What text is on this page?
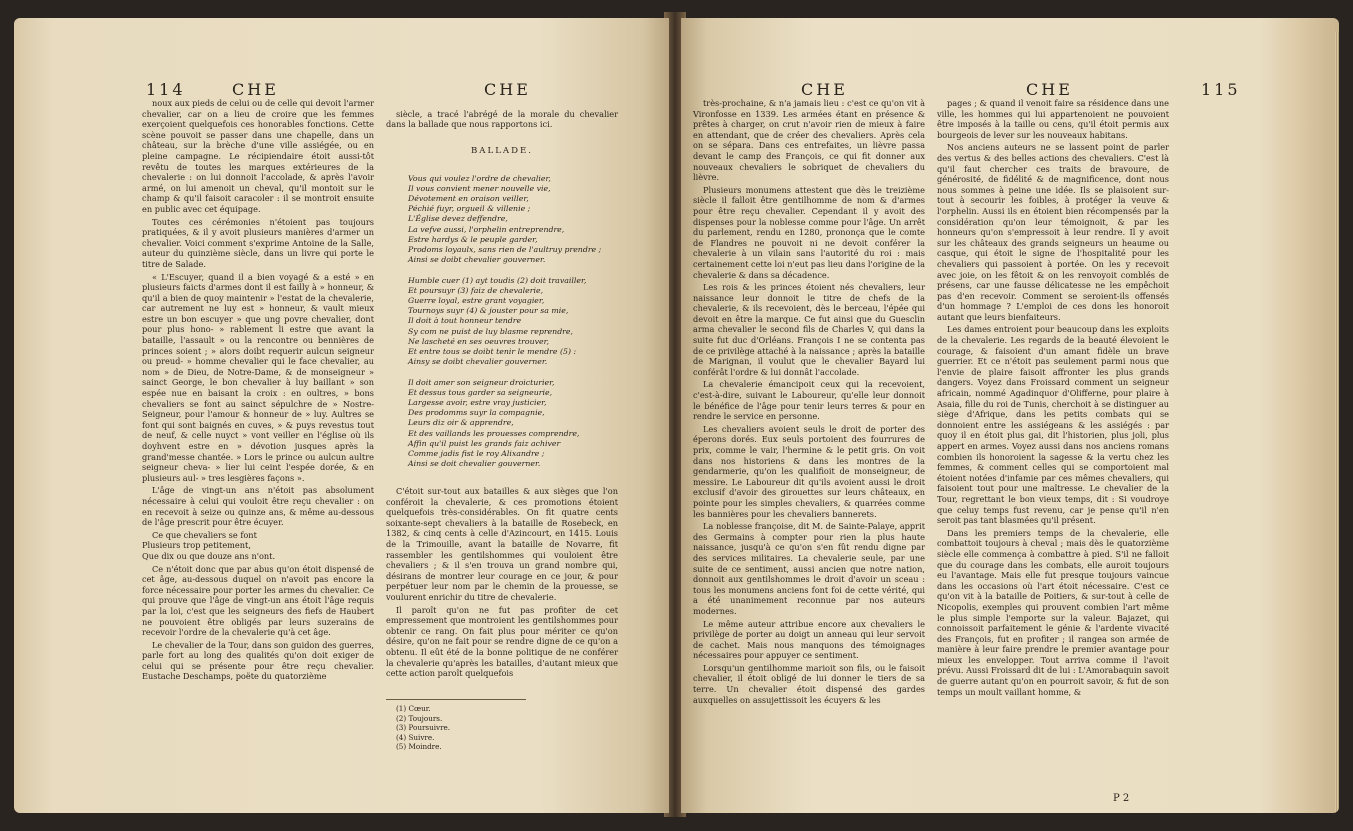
114	CHE	CHE

noux aux pieds de celui ou de celle qui devoit l'armer chevalier, car on a lieu de croire que les femmes exerçoient quelquefois ces honorables fonctions. Cette scène pouvoit se passer dans une chapelle, dans un château, sur la brèche d'une ville assiégée, ou en pleine campagne. Le récipiendaire étoit aussi-tôt revêtu de toutes les marques extérieures de la chevalerie : on lui donnoit l'accolade, & après l'avoir armé, on lui amenoit un cheval, qu'il montoit sur le champ & qu'il faisoit caracoler : il se montroit ensuite en public avec cet équipage.

Toutes ces cérémonies n'étoient pas toujours pratiquées, & il y avoit plusieurs manières d'armer un chevalier. Voici comment s'exprime Antoine de la Salle, auteur du quinzième siècle, dans un livre qui porte le titre de Salade.

« L'Escuyer, quand il a bien voyagé & a esté » en plusieurs faicts d'armes dont il est failly à » honneur, & qu'il a bien de quoy maintenir » l'estat de la chevalerie, car autrement ne luy est » honneur, & vault mieux estre un bon escuyer » que ung povre chevalier, dont pour plus hono- » rablement li estre que avant la bataille, l'assault » ou la rencontre ou bennières de princes soient ; » alors doibt requerir aulcun seigneur ou preud- » homme chevalier qui le face chevalier, au nom » de Dieu, de Notre-Dame, & de monseigneur » sainct George, le bon chevalier à luy baillant » son espée nue en baisant la croix : en oultres, » bons chevaliers se font au sainct sépulchre de » Nostre-Seigneur, pour l'amour & honneur de » luy. Aultres se font qui sont baignés en cuves, » & puys revestus tout de neuf, & celle nuyct » vont veiller en l'église où ils doyhvent estre en » dévotion jusques après la grand'messe chantée. » Lors le prince ou aulcun aultre seigneur cheva- » lier lui ceint l'espée dorée, & en plusieurs aul- » tres lesgières façons ».

L'âge de vingt-un ans n'étoit pas absolument nécessaire à celui qui vouloit être reçu chevalier : on en recevoit à seize ou quinze ans, & même au-dessous de l'âge prescrit pour être écuyer.

Ce que chevaliers se font
Plusieurs trop petitement,
Que dix ou que douze ans n'ont.

Ce n'étoit donc que par abus qu'on étoit dispensé de cet âge, au-dessous duquel on n'avoit pas encore la force nécessaire pour porter les armes du chevalier. Ce qui prouve que l'âge de vingt-un ans étoit l'âge requis par la loi, c'est que les seigneurs des fiefs de Haubert ne pouvoient être obligés par leurs suzerains de recevoir l'ordre de la chevalerie qu'à cet âge.

Le chevalier de la Tour, dans son guidon des guerres, parle fort au long des qualités qu'on doit exiger de celui qui se présente pour être reçu chevalier. Eustache Deschamps, poëte du quatorzième

siècle, a tracé l'abrégé de la morale du chevalier dans la ballade que nous rapportons ici.

BALLADE.

Vous qui voulez l'ordre de chevalier,
Il vous convient mener nouvelle vie,
Dévotement en oraison veiller,
Péchié fuyr, orgueil & villenie ;
L'Église devez deffendre,
La vefve aussi, l'orphelin entreprendre,
Estre hardys & le peuple garder,
Prodoms loyaulx, sans rien de l'aultruy prendre ;
Ainsi se doibt chevalier gouverner.

Humble cuer (1) ayt toudis (2) doit travailler,
Et poursuyr (3) faiz de chevalerie,
Guerre loyal, estre grant voyagier,
Tournoys suyr (4) & jouster pour sa mie,
Il doit à tout honneur tendre
Sy com ne puist de luy blasme reprendre,
Ne lascheté en ses oeuvres trouver,
Et entre tous se doibt tenir le mendre (5) :
Ainsy se doibt chevalier gouverner.

Il doit amer son seigneur droicturier,
Et dessus tous garder sa seigneurie,
Largesse avoir, estre vray justicier,
Des prodomms suyr la compagnie,
Leurs diz oir & apprendre,
Et des vaillands les prouesses comprendre,
Affin qu'il puist les grands faiz achiver
Comme jadis fist le roy Alixandre ;
Ainsi se doit chevalier gouverner.

C'étoit sur-tout aux batailles & aux sièges que l'on conféroit la chevalerie, & ces promotions étoient quelquefois très-considérables. On fit quatre cents soixante-sept chevaliers à la bataille de Rosebeck, en 1382, & cinq cents à celle d'Azincourt, en 1415. Louis de la Trimouille, avant la bataille de Novarre, fit rassembler les gentilshommes qui vouloient être chevaliers ; & il s'en trouva un grand nombre qui, désirans de montrer leur courage en ce jour, & pour perpétuer leur nom par le chemin de la prouesse, se voulurent enrichir du titre de chevalerie.

Il paroît qu'on ne fut pas profiter de cet empressement que montroient les gentilshommes pour obtenir ce rang. On fait plus pour mériter ce qu'on désire, qu'on ne fait pour se rendre digne de ce qu'on a obtenu. Il eût été de la bonne politique de ne conférer la chevalerie qu'après les batailles, d'autant mieux que cette action paroît quelquefois

(1) Cœur.
(2) Toujours.
(3) Poursuivre.
(4) Suivre.
(5) Moindre.

CHE	CHE	115

très-prochaine, & n'a jamais lieu : c'est ce qu'on vit à Vironfosse en 1339. Les armées étant en présence & prêtes à charger, on crut n'avoir rien de mieux à faire en attendant, que de créer des chevaliers. Après cela on se sépara. Dans ces entrefaites, un lièvre passa devant le camp des François, ce qui fit donner aux nouveaux chevaliers le sobriquet de chevaliers du lièvre.

Plusieurs monumens attestent que dès le treizième siècle il falloit être gentilhomme de nom & d'armes pour être reçu chevalier. Cependant il y avoit des dispenses pour la noblesse comme pour l'âge. Un arrêt du parlement, rendu en 1280, prononça que le comte de Flandres ne pouvoit ni ne devoit conférer la chevalerie à un vilain sans l'autorité du roi : mais certainement cette loi n'eut pas lieu dans l'origine de la chevalerie & dans sa décadence.

Les rois & les princes étoient nés chevaliers, leur naissance leur donnoit le titre de chefs de la chevalerie, & ils recevoient, dès le berceau, l'épée qui devoit en être la marque. Ce fut ainsi que du Guesclin arma chevalier le second fils de Charles V, qui dans la suite fut duc d'Orléans. François I ne se contenta pas de ce privilège attaché à la naissance ; après la bataille de Marignan, il voulut que le chevalier Bayard lui conférât l'ordre & lui donnât l'accolade.

La chevalerie émancipoit ceux qui la recevoient, c'est-à-dire, suivant le Laboureur, qu'elle leur donnoit le bénéfice de l'âge pour tenir leurs terres & pour en rendre le service en personne.

Les chevaliers avoient seuls le droit de porter des éperons dorés. Eux seuls portoient des fourrures de prix, comme le vair, l'hermine & le petit gris. On voit dans nos historiens & dans les montres de la gendarmerie, qu'on les qualifioit de monseigneur, de messire. Le Laboureur dit qu'ils avoient aussi le droit exclusif d'avoir des girouettes sur leurs châteaux, en pointe pour les simples chevaliers, & quarrées comme les bannières pour les chevaliers bannerets.

La noblesse françoise, dit M. de Sainte-Palaye, apprit des Germains à compter pour rien la plus haute naissance, jusqu'à ce qu'on s'en fût rendu digne par des services militaires. La chevalerie seule, par une suite de ce sentiment, aussi ancien que notre nation, donnoit aux gentilshommes le droit d'avoir un sceau : tous les monumens anciens font foi de cette vérité, qui a été unanimement reconnue par nos auteurs modernes.

Le même auteur attribue encore aux chevaliers le privilège de porter au doigt un anneau qui leur servoit de cachet. Mais nous manquons des témoignages nécessaires pour appuyer ce sentiment.

Lorsqu'un gentilhomme marioit son fils, ou le faisoit chevalier, il étoit obligé de lui donner le tiers de sa terre. Un chevalier étoit dispensé des gardes auxquelles on assujettissoit les écuyers & les

pages ; & quand il venoit faire sa résidence dans une ville, les hommes qui lui appartenoient ne pouvoient être imposés à la taille ou cens, qu'il étoit permis aux bourgeois de lever sur les nouveaux habitans.

Nos anciens auteurs ne se lassent point de parler des vertus & des belles actions des chevaliers. C'est là qu'il faut chercher ces traits de bravoure, de générosité, de fidélité & de magnificence, dont nous nous sommes à peine une idée. Ils se plaisoient sur-tout à secourir les foibles, à protéger la veuve & l'orphelin. Aussi ils en étoient bien récompensés par la considération qu'on leur témoignoit, & par les honneurs qu'on s'empressoit à leur rendre. Il y avoit sur les châteaux des grands seigneurs un heaume ou casque, qui étoit le signe de l'hospitalité pour les chevaliers qui passoient à portée. On les y recevoit avec joie, on les fêtoit & on les renvoyoit comblés de présens, car une fausse délicatesse ne les empêchoit pas d'en recevoir. Comment se seroient-ils offensés d'un hommage ? L'emploi de ces dons les honoroit autant que leurs bienfaiteurs.

Les dames entroient pour beaucoup dans les exploits de la chevalerie. Les regards de la beauté élevoient le courage, & faisoient d'un amant fidèle un brave guerrier. Et ce n'étoit pas seulement parmi nous que l'envie de plaire faisoit affronter les plus grands dangers. Voyez dans Froissard comment un seigneur africain, nommé Agadinquor d'Olifferne, pour plaire à Asaia, fille du roi de Tunis, cherchoit à se distinguer au siège d'Afrique, dans les petits combats qui se donnoient entre les assiégeans & les assiégés : par quoy il en étoit plus gai, dit l'historien, plus joli, plus appert en armes. Voyez aussi dans nos anciens romans combien ils honoroient la sagesse & la vertu chez les femmes, & comment celles qui se comportoient mal étoient notées d'infamie par ces mêmes chevaliers, qui faisoient tout pour une maîtresse. Le chevalier de la Tour, regrettant le bon vieux temps, dit : Si voudroye que celuy temps fust revenu, car je pense qu'il n'en seroit pas tant blasmées qu'il présent.

Dans les premiers temps de la chevalerie, elle combattoit toujours à cheval ; mais dès le quatorzième siècle elle commença à combattre à pied. S'il ne falloit que du courage dans les combats, elle auroit toujours eu l'avantage. Mais elle fut presque toujours vaincue dans les occasions où l'art étoit nécessaire. C'est ce qu'on vit à la bataille de Poitiers, & sur-tout à celle de Nicopolis, exemples qui prouvent combien l'art même le plus simple l'emporte sur la valeur. Bajazet, qui connoissoit parfaitement le génie & l'ardente vivacité des François, fut en profiter ; il rangea son armée de manière à leur faire prendre le premier avantage pour mieux les envelopper. Tout arriva comme il l'avoit prévu. Aussi Froissard dit de lui : L'Amorabaquin savoit de guerre autant qu'on en pourroit savoir, & fut de son temps un moult vaillant homme, &

P 2
